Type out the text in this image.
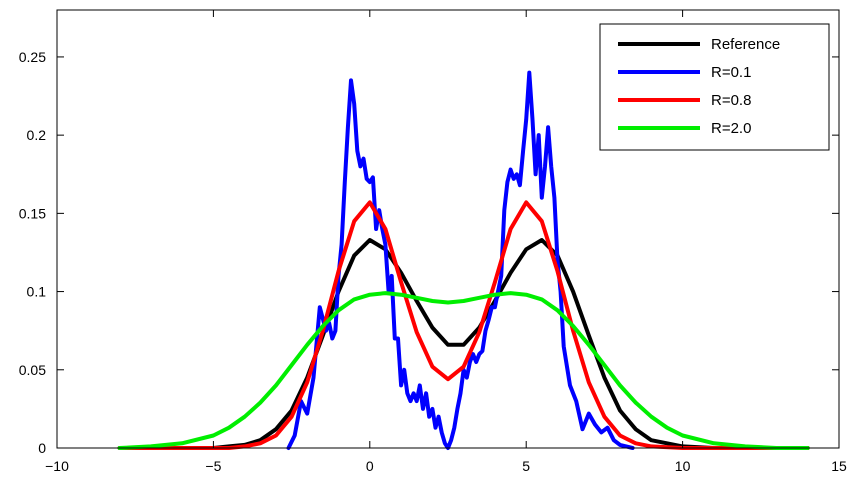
−10	−5	0	5	10	15
0
0.05
0.1
0.15
0.2
0.25
Reference
R=0.1
R=0.8
R=2.0
